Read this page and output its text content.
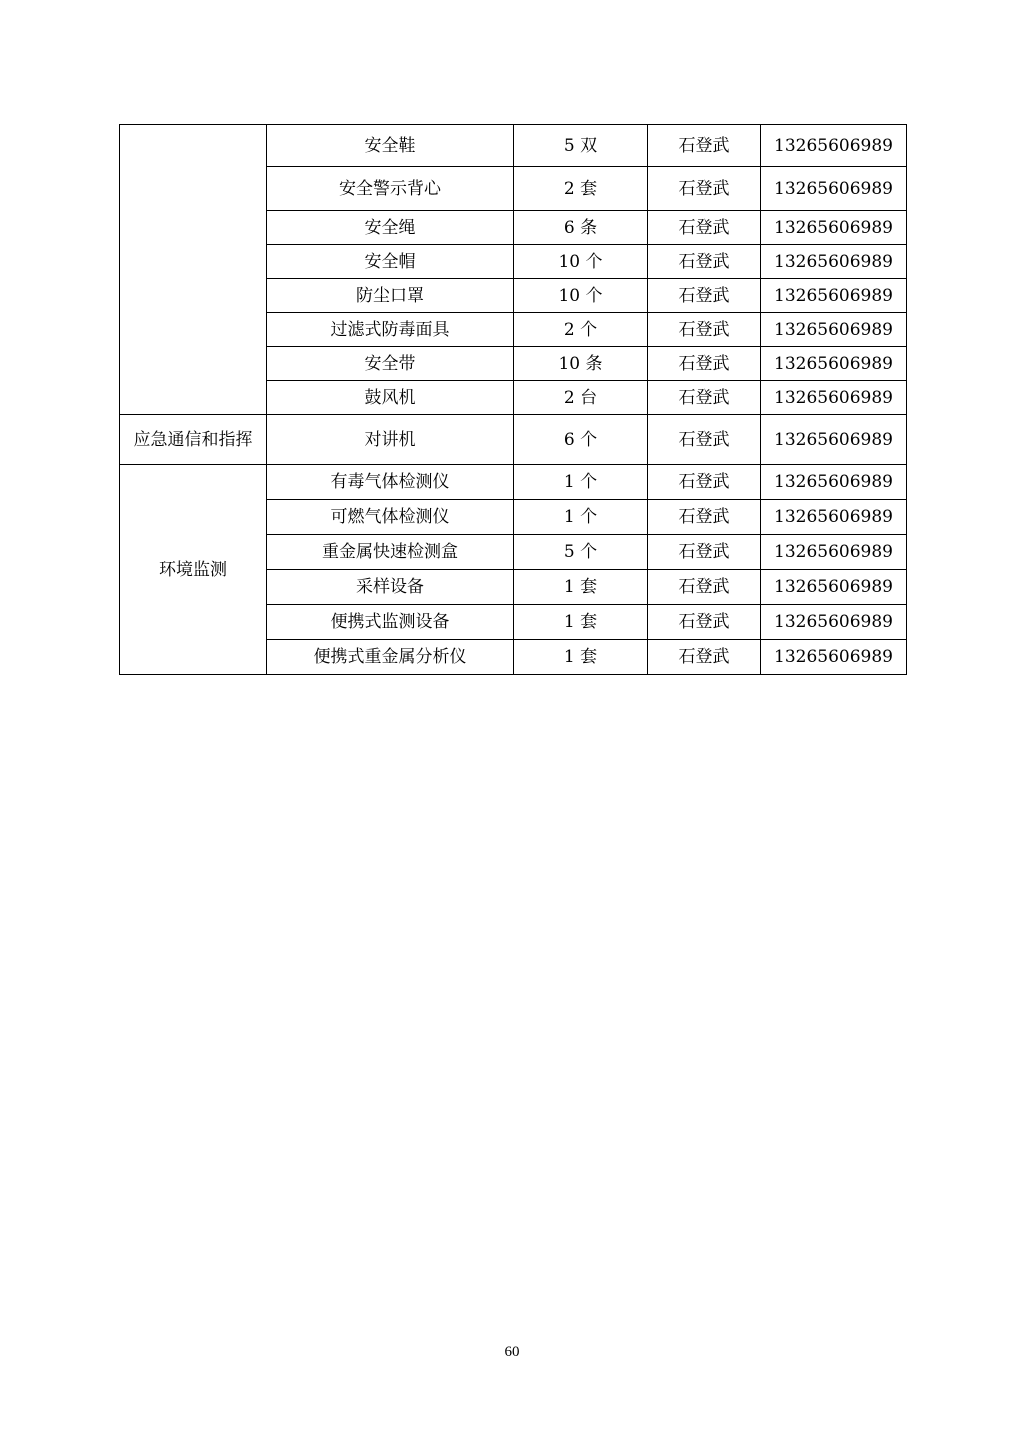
	安全鞋	5 双	石登武	13265606989
	安全警示背心	2 套	石登武	13265606989
	安全绳	6 条	石登武	13265606989
	安全帽	10 个	石登武	13265606989
	防尘口罩	10 个	石登武	13265606989
	过滤式防毒面具	2 个	石登武	13265606989
	安全带	10 条	石登武	13265606989
	鼓风机	2 台	石登武	13265606989
应急通信和指挥	对讲机	6 个	石登武	13265606989
环境监测	有毒气体检测仪	1 个	石登武	13265606989
	可燃气体检测仪	1 个	石登武	13265606989
	重金属快速检测盒	5 个	石登武	13265606989
	采样设备	1 套	石登武	13265606989
	便携式监测设备	1 套	石登武	13265606989
	便携式重金属分析仪	1 套	石登武	13265606989
60
